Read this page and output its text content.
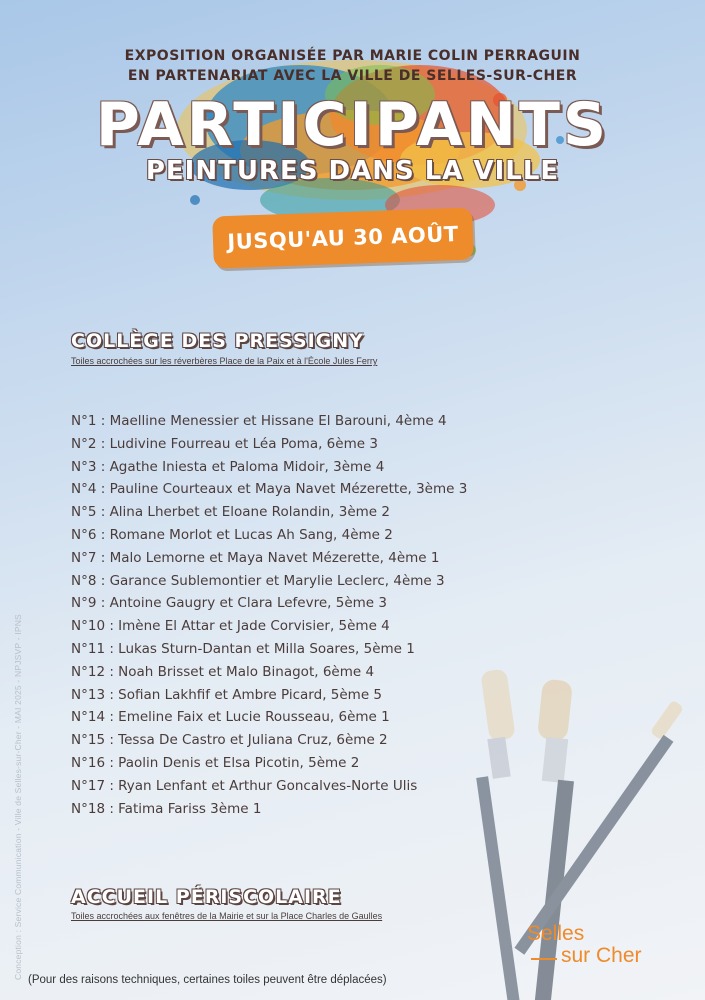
EXPOSITION ORGANISÉE PAR MARIE COLIN PERRAGUIN

EN PARTENARIAT AVEC LA VILLE DE SELLES-SUR-CHER

PARTICIPANTS
PEINTURES DANS LA VILLE
JUSQU'AU 30 AOÛT
COLLÈGE DES PRESSIGNY

Toiles accrochées sur les réverbères Place de la Paix et à l'École Jules Ferry

N°1 : Maelline Menessier et Hissane El Barouni, 4ème 4
N°2 : Ludivine Fourreau et Léa Poma, 6ème 3
N°3 : Agathe Iniesta et Paloma Midoir, 3ème 4
N°4 : Pauline Courteaux et Maya Navet Mézerette, 3ème 3
N°5 : Alina Lherbet et Eloane Rolandin, 3ème 2
N°6 : Romane Morlot et Lucas Ah Sang, 4ème 2
N°7 : Malo Lemorne et Maya Navet Mézerette, 4ème 1
N°8 : Garance Sublemontier et Marylie Leclerc, 4ème 3
N°9 : Antoine Gaugry et Clara Lefevre, 5ème 3
N°10 : Imène El Attar et Jade Corvisier, 5ème 4
N°11 : Lukas Sturn-Dantan et Milla Soares, 5ème 1
N°12 : Noah Brisset et Malo Binagot, 6ème 4
N°13 : Sofian Lakhfif et Ambre Picard, 5ème 5
N°14 : Emeline Faix et Lucie Rousseau, 6ème 1
N°15 : Tessa De Castro et Juliana Cruz, 6ème 2
N°16 : Paolin Denis et Elsa Picotin, 5ème 2
N°17 : Ryan Lenfant et Arthur Goncalves-Norte Ulis
N°18 : Fatima Fariss 3ème 1
ACCUEIL PÉRISCOLAIRE

Toiles accrochées aux fenêtres de la Mairie et sur la Place Charles de Gaulles

Conception : Service Communication - Ville de Selles-sur-Cher - MAI 2025 - NPJSVP - IPNS (Pour des raisons techniques, certaines toiles peuvent être déplacées)

Selles
sur Cher
